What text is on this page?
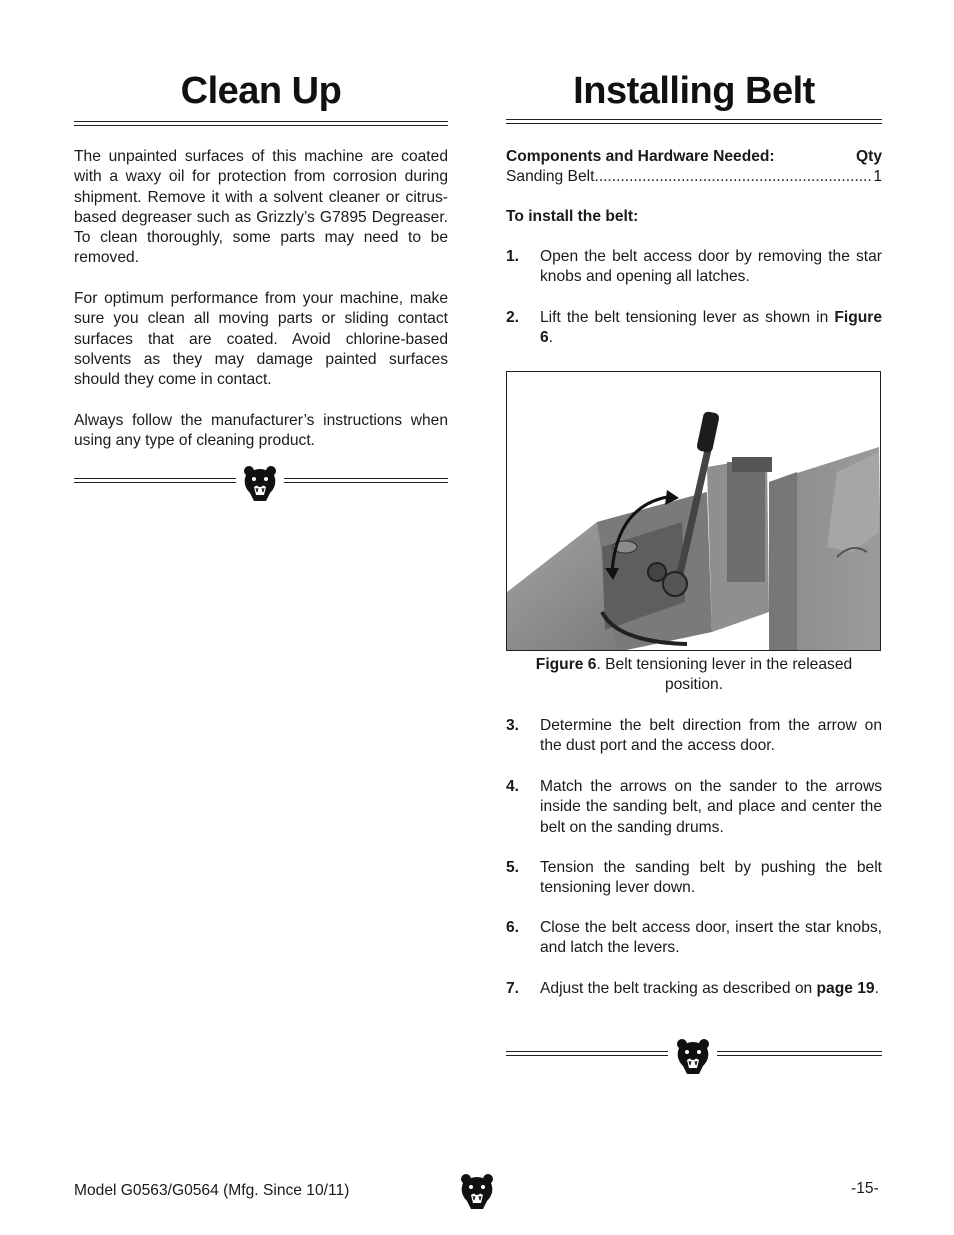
Clean Up

The unpainted surfaces of this machine are coated with a waxy oil for protection from corrosion during shipment. Remove it with a solvent cleaner or citrus-based degreaser such as Grizzly’s G7895 Degreaser. To clean thoroughly, some parts may need to be removed.

For optimum performance from your machine, make sure you clean all moving parts or sliding contact surfaces that are coated. Avoid chlorine-based solvents as they may damage painted surfaces should they come in contact.

Always follow the manufacturer’s instructions when using any type of cleaning product.

Installing Belt
Components and Hardware Needed:	Qty
Sanding Belt
.....	1
To install the belt:
1.	Open the belt access door by removing the star knobs and opening all latches.

2.	Lift the belt tensioning lever as shown in Figure 6.

Figure 6. Belt tensioning lever in the released position.
3.	Determine the belt direction from the arrow on the dust port and the access door.

4.	Match the arrows on the sander to the arrows inside the sanding belt, and place and center the belt on the sanding drums.

5.	Tension the sanding belt by pushing the belt tensioning lever down.

6.	Close the belt access door, insert the star knobs, and latch the levers.

7.	Adjust the belt tracking as described on page 19.

Model G0563/G0564 (Mfg. Since 10/11)	-15-
